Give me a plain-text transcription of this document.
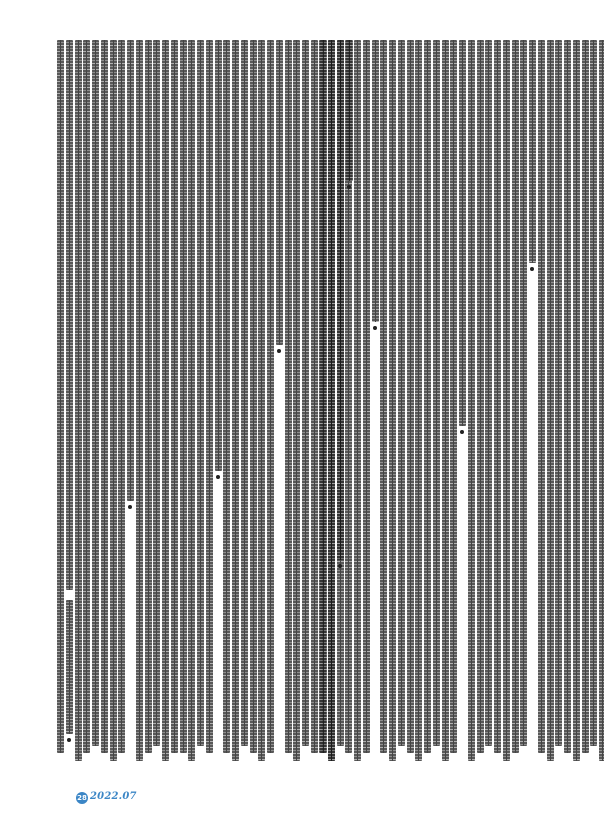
28 2022.07
